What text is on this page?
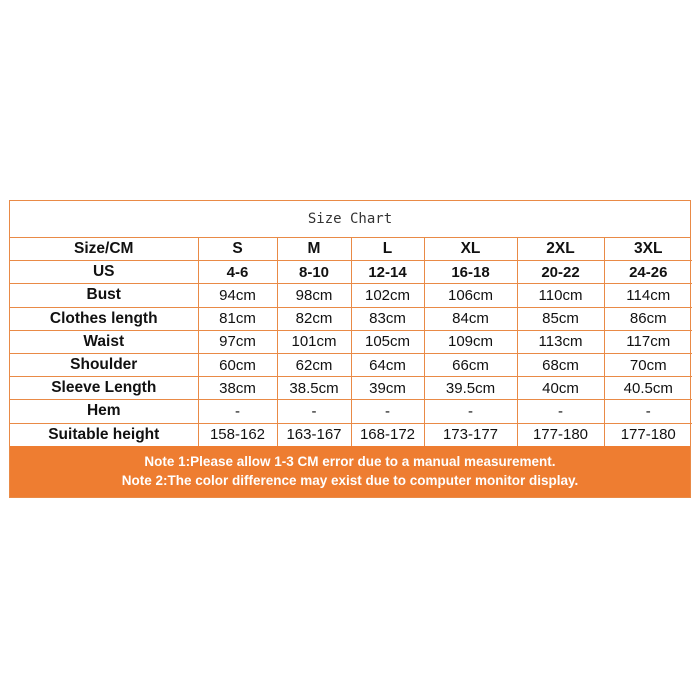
Size Chart
Size/CM	S	M	L	XL	2XL	3XL
US	4-6	8-10	12-14	16-18	20-22	24-26
Bust	94cm	98cm	102cm	106cm	110cm	114cm
Clothes length	81cm	82cm	83cm	84cm	85cm	86cm
Waist	97cm	101cm	105cm	109cm	113cm	117cm
Shoulder	60cm	62cm	64cm	66cm	68cm	70cm
Sleeve Length	38cm	38.5cm	39cm	39.5cm	40cm	40.5cm
Hem	-	-	-	-	-	-
Suitable height	158-162	163-167	168-172	173-177	177-180	177-180
Note 1:Please allow 1-3 CM error due to a manual measurement.
Note 2:The color difference may exist due to computer monitor display.
